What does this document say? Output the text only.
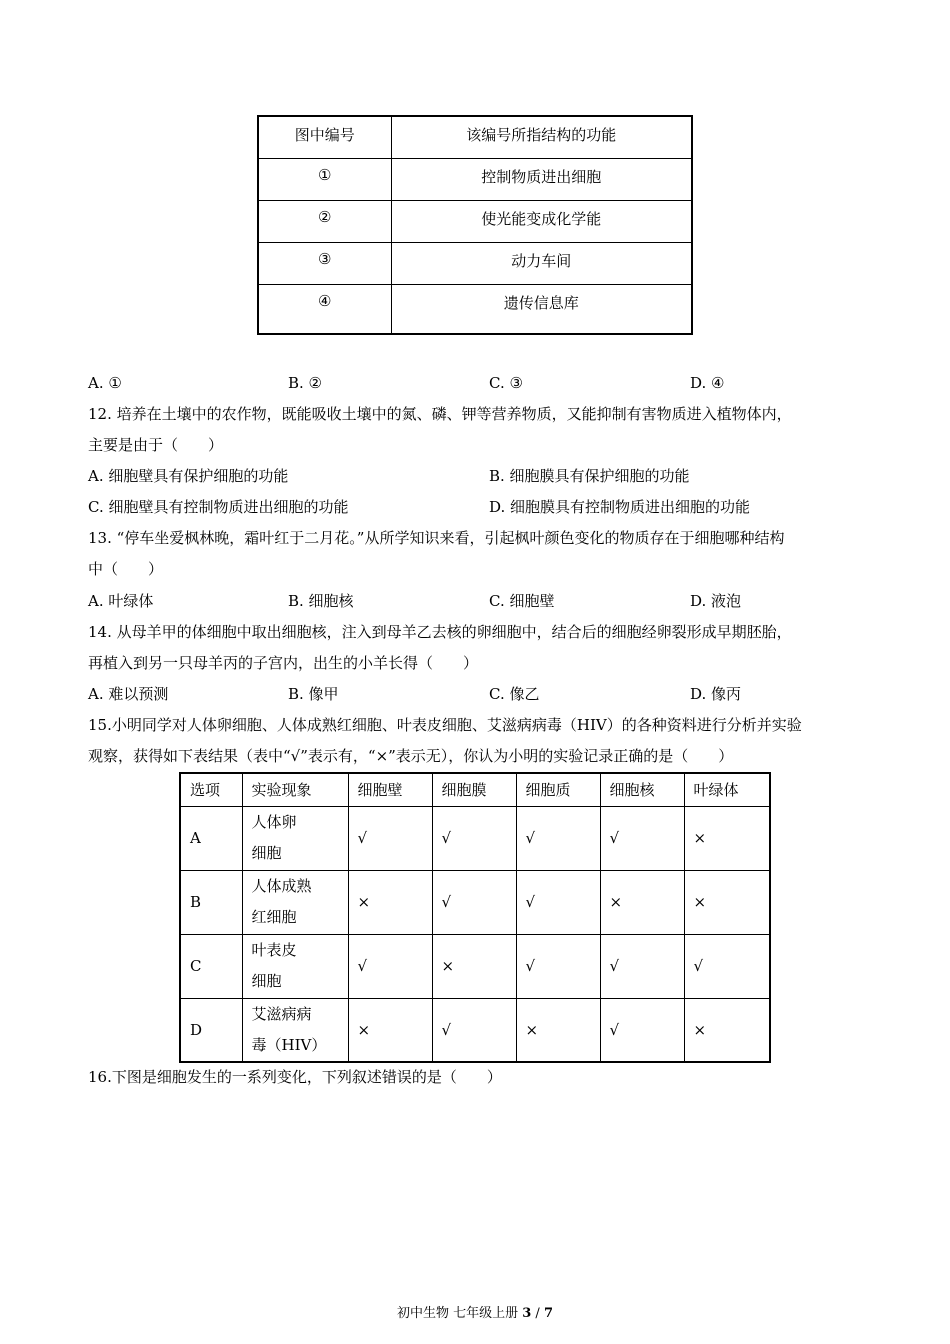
图中编号	该编号所指结构的功能
①	控制物质进出细胞
②	使光能变成化学能
③	动力车间
④	遗传信息库
A. ①	B. ②	C. ③	D. ④
12. 培养在土壤中的农作物，既能吸收土壤中的氮、磷、钾等营养物质，又能抑制有害物质进入植物体内，
主要是由于（　　）
A. 细胞壁具有保护细胞的功能	B. 细胞膜具有保护细胞的功能
C. 细胞壁具有控制物质进出细胞的功能	D. 细胞膜具有控制物质进出细胞的功能
13. “停车坐爱枫林晚，霜叶红于二月花。”从所学知识来看，引起枫叶颜色变化的物质存在于细胞哪种结构
中（　　）
A. 叶绿体	B. 细胞核	C. 细胞壁	D. 液泡
14. 从母羊甲的体细胞中取出细胞核，注入到母羊乙去核的卵细胞中，结合后的细胞经卵裂形成早期胚胎，
再植入到另一只母羊丙的子宫内，出生的小羊长得（　　）
A. 难以预测	B. 像甲	C. 像乙	D. 像丙
15.小明同学对人体卵细胞、人体成熟红细胞、叶表皮细胞、艾滋病病毒（HIV）的各种资料进行分析并实验
观察，获得如下表结果（表中“√”表示有，“×”表示无），你认为小明的实验记录正确的是（　　）
选项	实验现象	细胞壁	细胞膜	细胞质	细胞核	叶绿体
A	人体卵
细胞	√	√	√	√	×
B	人体成熟
红细胞	×	√	√	×	×
C	叶表皮
细胞	√	×	√	√	√
D	艾滋病病
毒（HIV）	×	√	×	√	×
16.下图是细胞发生的一系列变化，下列叙述错误的是（　　）
初中生物 七年级上册 3 / 7
